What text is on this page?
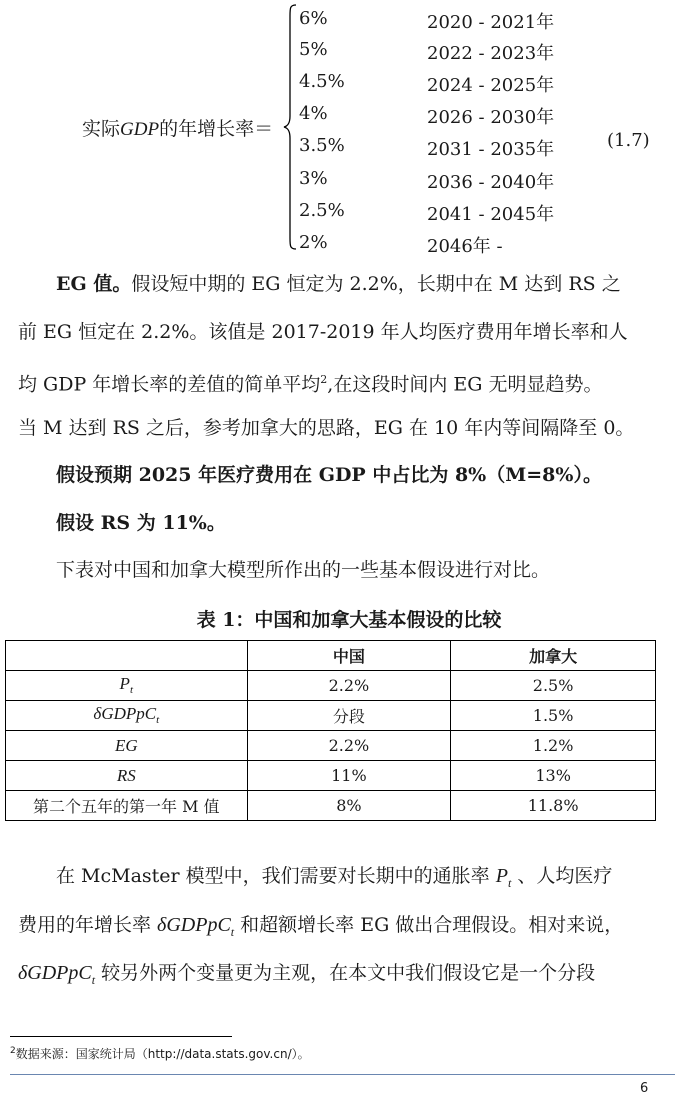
实际GDP的年增长率＝
6%	2020 - 2021年
5%	2022 - 2023年
4.5%	2024 - 2025年
4%	2026 - 2030年
3.5%	2031 - 2035年
3%	2036 - 2040年
2.5%	2041 - 2045年
2%	2046年 -
(1.7)
EG 值。假设短中期的 EG 恒定为 2.2%，长期中在 M 达到 RS 之
前 EG 恒定在 2.2%。该值是 2017-2019 年人均医疗费用年增长率和人
均 GDP 年增长率的差值的简单平均$^2$,在这段时间内 EG 无明显趋势。
当 M 达到 RS 之后，参考加拿大的思路，EG 在 10 年内等间隔降至 0。
假设预期 2025 年医疗费用在 GDP 中占比为 8%（M=8%）。
假设 RS 为 11%。
下表对中国和加拿大模型所作出的一些基本假设进行对比。
表 1：中国和加拿大基本假设的比较
	中国	加拿大
$P_t$	2.2%	2.5%
δGDPpC$_t$	分段	1.5%
EG	2.2%	1.2%
RS	11%	13%
第二个五年的第一年 M 值	8%	11.8%
在 McMaster 模型中，我们需要对长期中的通胀率 $P_t$ 、人均医疗
费用的年增长率 δGDPpC$_t$ 和超额增长率 EG 做出合理假设。相对来说，
δGDPpC$_t$ 较另外两个变量更为主观，在本文中我们假设它是一个分段
$^2$数据来源：国家统计局（http://data.stats.gov.cn/）。
6
